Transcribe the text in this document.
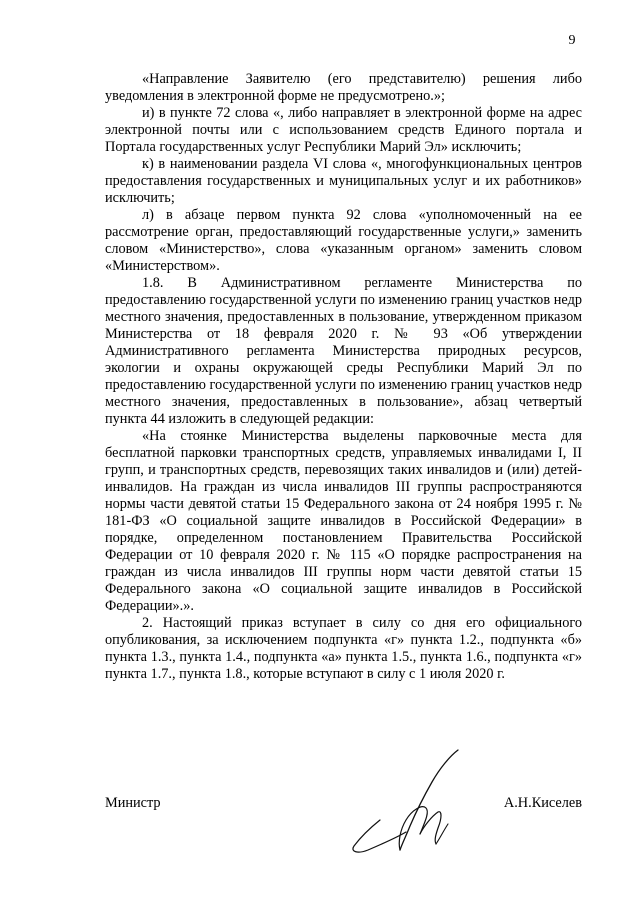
9

«Направление Заявителю (его представителю) решения либо уведомления в электронной форме не предусмотрено.»;

и) в пункте 72 слова «, либо направляет в электронной форме на адрес электронной почты или с использованием средств Единого портала и Портала государственных услуг Республики Марий Эл» исключить;

к) в наименовании раздела VI слова «, многофункциональных центров предоставления государственных и муниципальных услуг и их работников» исключить;

л) в абзаце первом пункта 92 слова «уполномоченный на ее рассмотрение орган, предоставляющий государственные услуги,» заменить словом «Министерство», слова «указанным органом» заменить словом «Министерством».

1.8. В Административном регламенте Министерства по предоставлению государственной услуги по изменению границ участков недр местного значения, предоставленных в пользование, утвержденном приказом Министерства от 18 февраля 2020 г. № 93 «Об утверждении Административного регламента Министерства природных ресурсов, экологии и охраны окружающей среды Республики Марий Эл по предоставлению государственной услуги по изменению границ участков недр местного значения, предоставленных в пользование», абзац четвертый пункта 44 изложить в следующей редакции:

«На стоянке Министерства выделены парковочные места для бесплатной парковки транспортных средств, управляемых инвалидами I, II групп, и транспортных средств, перевозящих таких инвалидов и (или) детей-инвалидов. На граждан из числа инвалидов III группы распространяются нормы части девятой статьи 15 Федерального закона от 24 ноября 1995 г. № 181-ФЗ «О социальной защите инвалидов в Российской Федерации» в порядке, определенном постановлением Правительства Российской Федерации от 10 февраля 2020 г. № 115 «О порядке распространения на граждан из числа инвалидов III группы норм части девятой статьи 15 Федерального закона «О социальной защите инвалидов в Российской Федерации».».

2. Настоящий приказ вступает в силу со дня его официального опубликования, за исключением подпункта «г» пункта 1.2., подпункта «б» пункта 1.3., пункта 1.4., подпункта «а» пункта 1.5., пункта 1.6., подпункта «г» пункта 1.7., пункта 1.8., которые вступают в силу с 1 июля 2020 г.

Министр	А.Н.Киселев
